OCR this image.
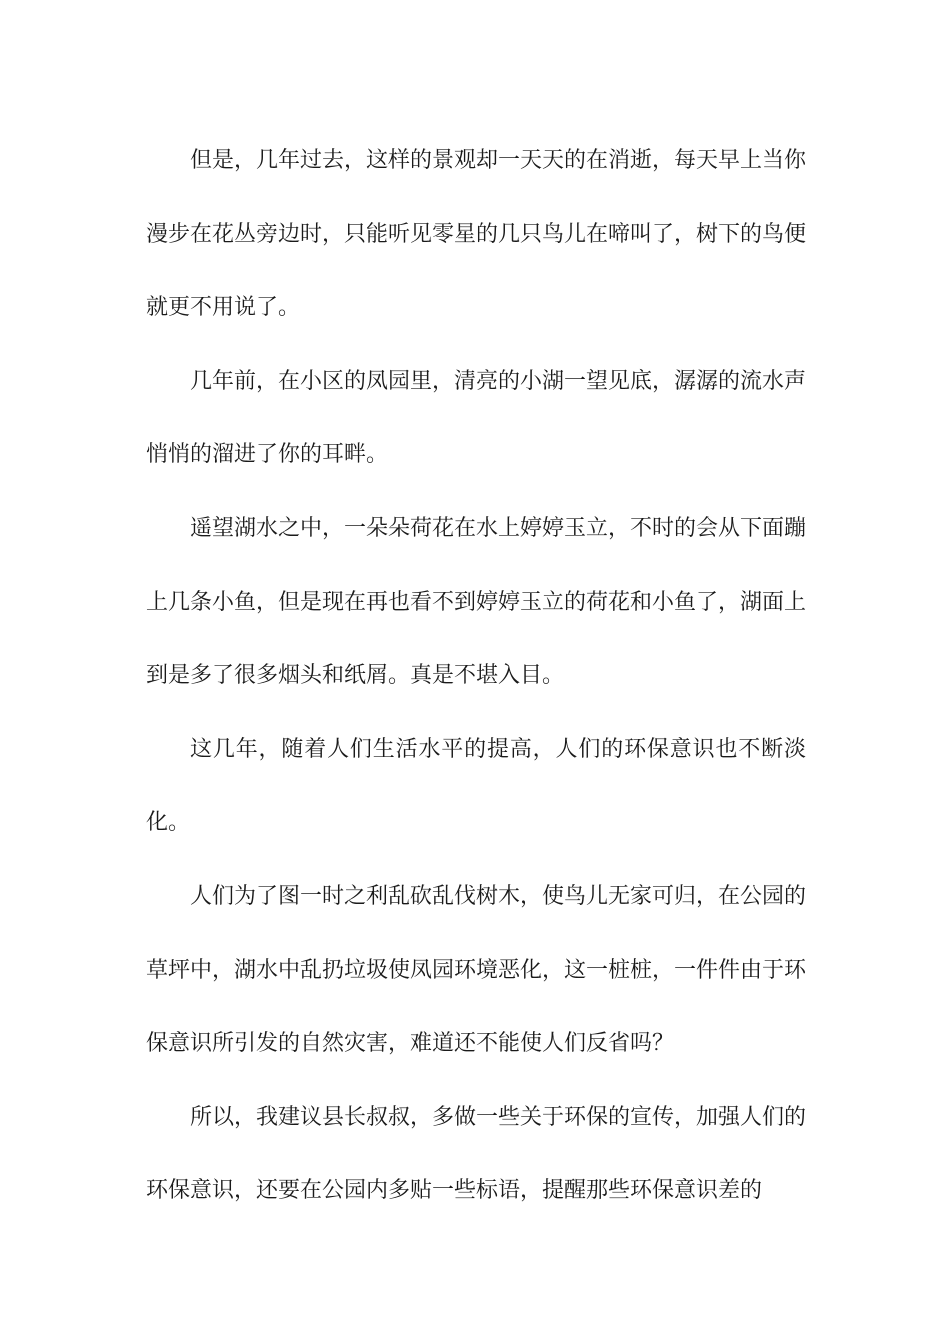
但是，几年过去，这样的景观却一天天的在消逝，每天早上当你漫步在花丛旁边时，只能听见零星的几只鸟儿在啼叫了，树下的鸟便就更不用说了。

几年前，在小区的凤园里，清亮的小湖一望见底，潺潺的流水声悄悄的溜进了你的耳畔。

遥望湖水之中，一朵朵荷花在水上婷婷玉立，不时的会从下面蹦上几条小鱼，但是现在再也看不到婷婷玉立的荷花和小鱼了，湖面上到是多了很多烟头和纸屑。真是不堪入目。

这几年，随着人们生活水平的提高，人们的环保意识也不断淡化。

人们为了图一时之利乱砍乱伐树木，使鸟儿无家可归，在公园的草坪中，湖水中乱扔垃圾使凤园环境恶化，这一桩桩，一件件由于环保意识所引发的自然灾害，难道还不能使人们反省吗？

所以，我建议县长叔叔，多做一些关于环保的宣传，加强人们的环保意识，还要在公园内多贴一些标语，提醒那些环保意识差的
